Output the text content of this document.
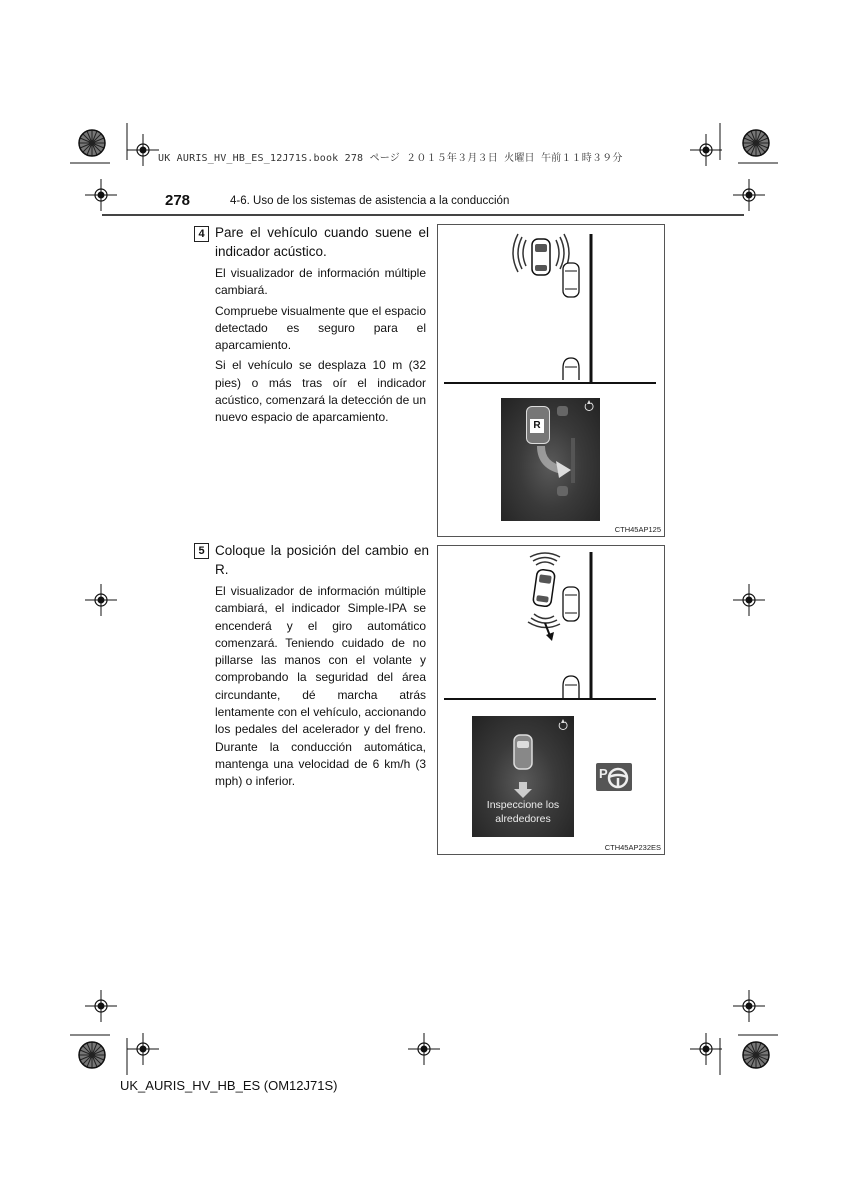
UK AURIS_HV_HB_ES_12J71S.book 278 ページ ２０１５年３月３日 火曜日 午前１１時３９分
278	4-6. Uso de los sistemas de asistencia a la conducción
4 Pare el vehículo cuando suene el indicador acústico.

El visualizador de información múltiple cambiará.

Compruebe visualmente que el espacio detectado es seguro para el aparcamiento.

Si el vehículo se desplaza 10 m (32 pies) o más tras oír el indicador acústico, comenzará la detección de un nuevo espacio de aparcamiento.

R
CTH45AP125
5 Coloque la posición del cambio en R.

El visualizador de información múltiple cambiará, el indicador Simple-IPA se encenderá y el giro automático comenzará. Teniendo cuidado de no pillarse las manos con el volante y comprobando la seguridad del área circundante, dé marcha atrás lentamente con el vehículo, accionando los pedales del acelerador y del freno. Durante la conducción automática, mantenga una velocidad de 6 km/h (3 mph) o inferior.

Inspeccione los alrededores
P
CTH45AP232ES
UK_AURIS_HV_HB_ES (OM12J71S)
